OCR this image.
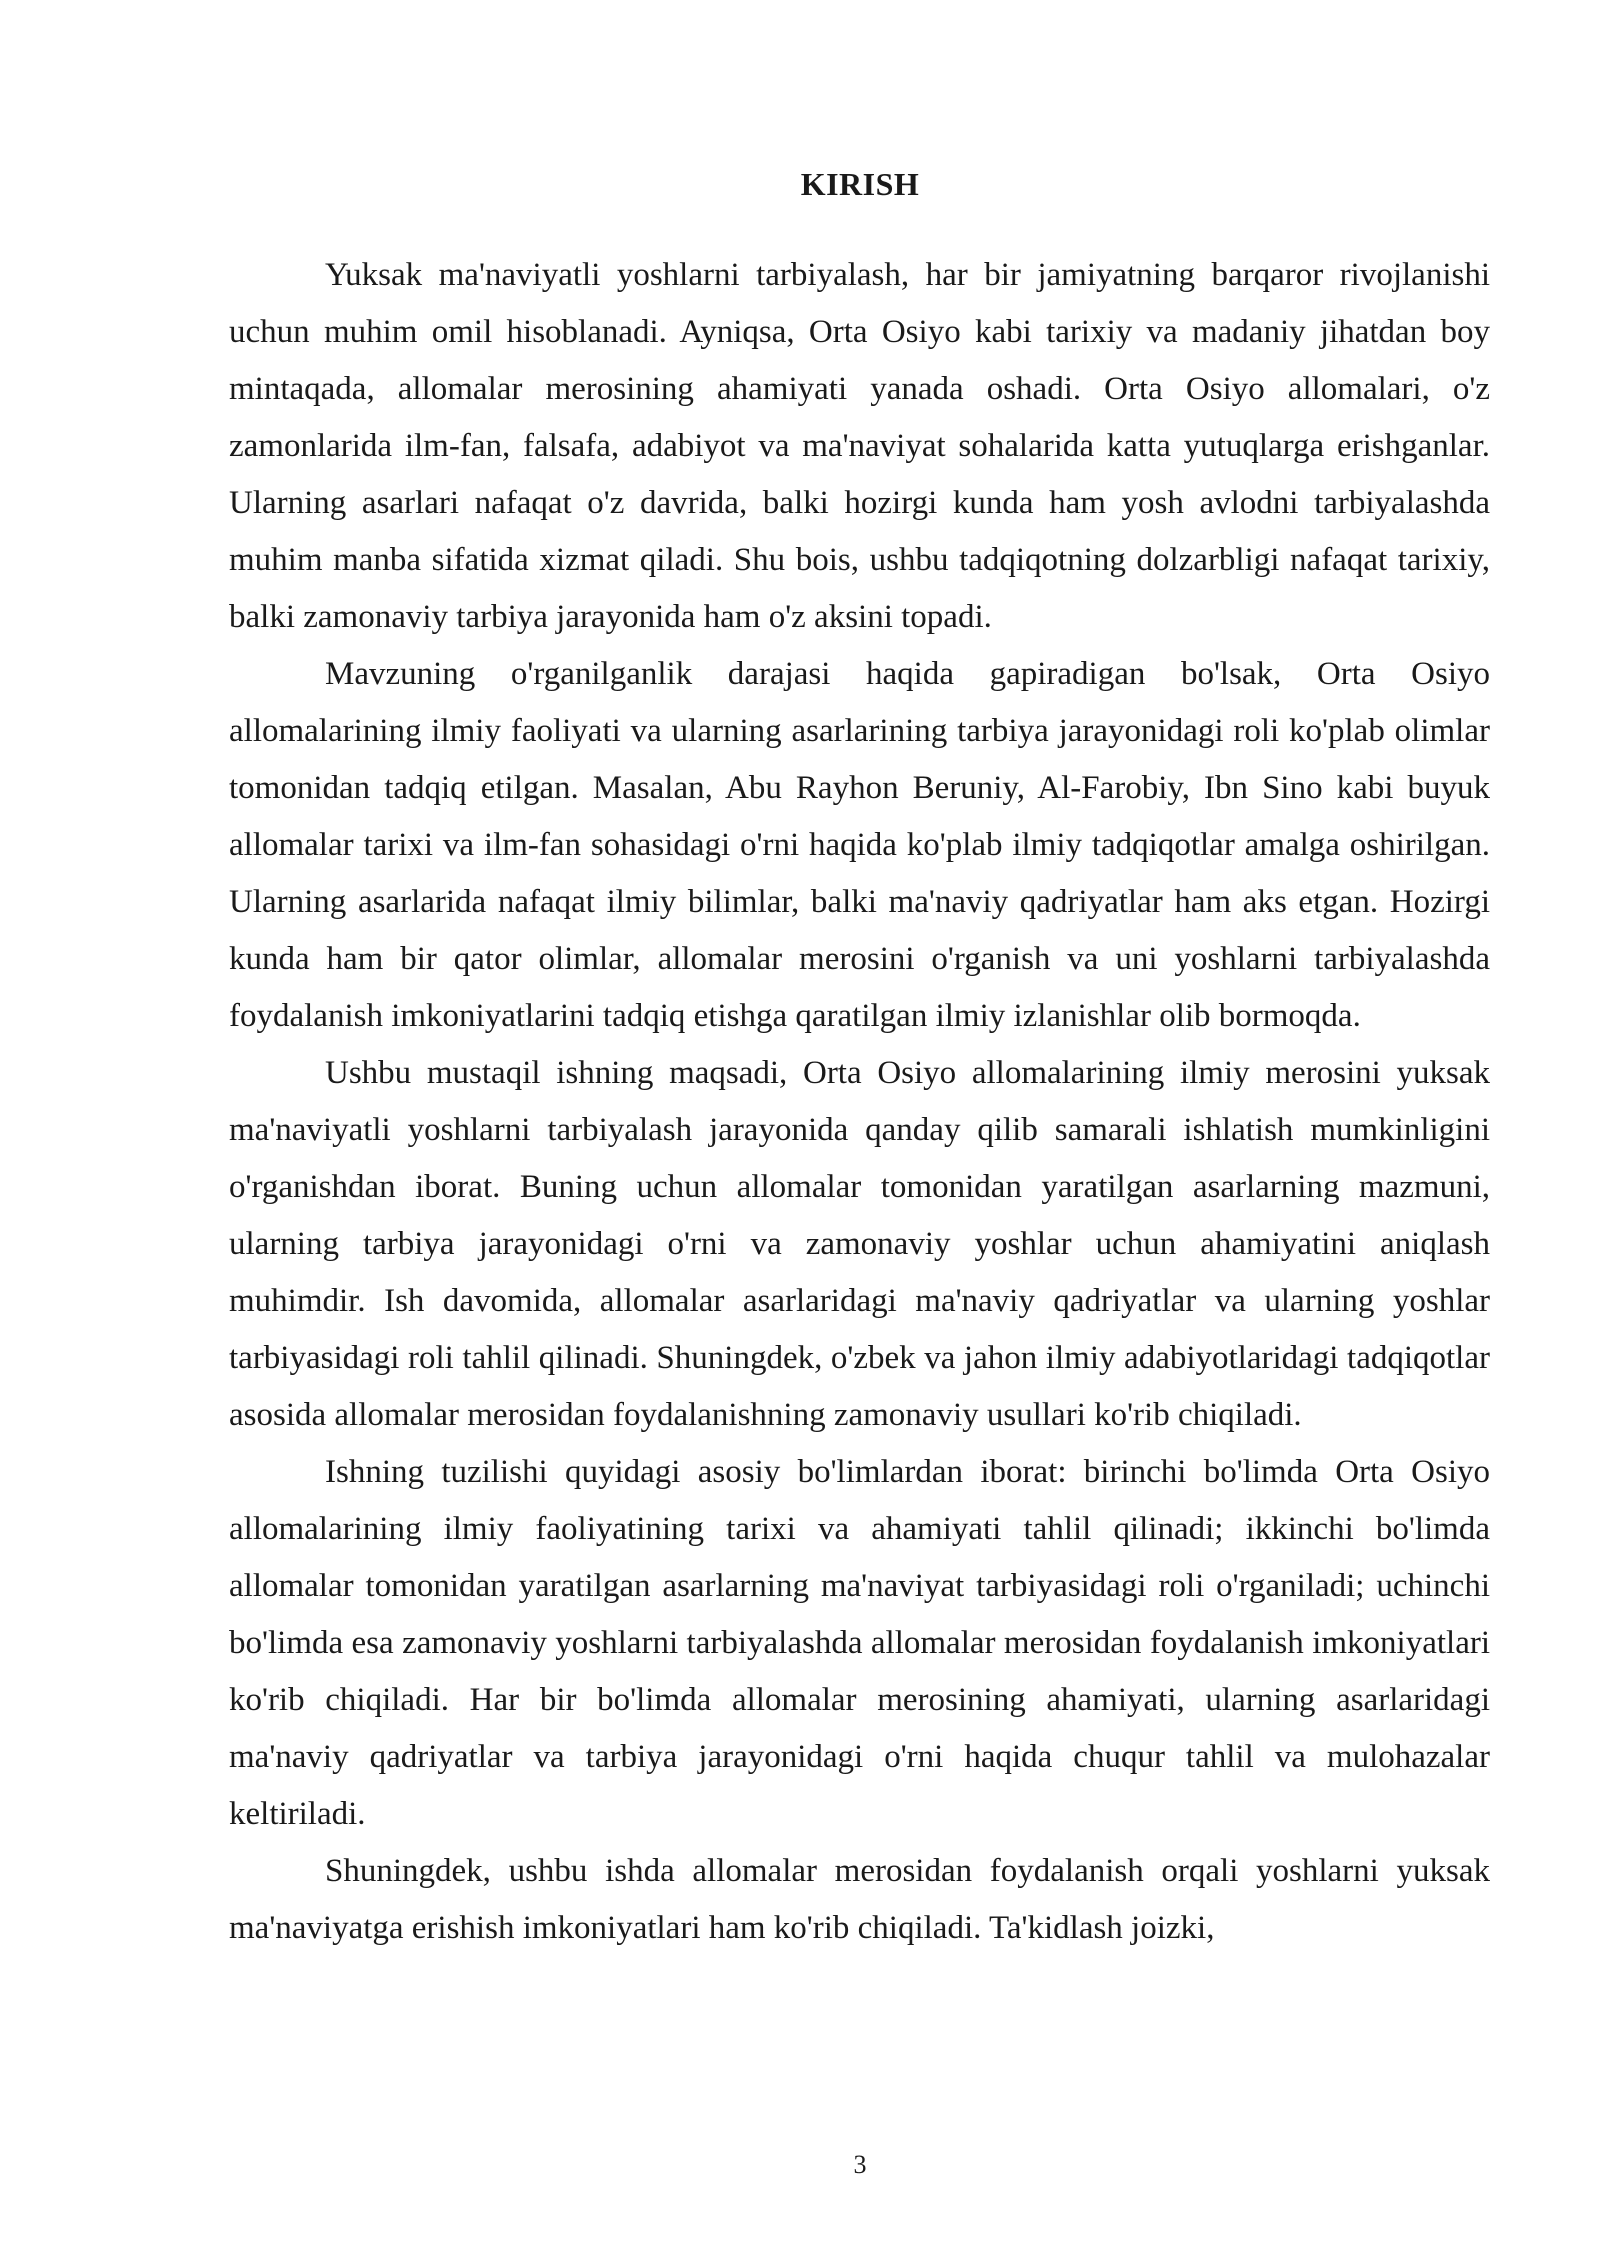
KIRISH

Yuksak ma'naviyatli yoshlarni tarbiyalash, har bir jamiyatning barqaror rivojlanishi uchun muhim omil hisoblanadi. Ayniqsa, Orta Osiyo kabi tarixiy va madaniy jihatdan boy mintaqada, allomalar merosining ahamiyati yanada oshadi. Orta Osiyo allomalari, o'z zamonlarida ilm-fan, falsafa, adabiyot va ma'naviyat sohalarida katta yutuqlarga erishganlar. Ularning asarlari nafaqat o'z davrida, balki hozirgi kunda ham yosh avlodni tarbiyalashda muhim manba sifatida xizmat qiladi. Shu bois, ushbu tadqiqotning dolzarbligi nafaqat tarixiy, balki zamonaviy tarbiya jarayonida ham o'z aksini topadi.

Mavzuning o'rganilganlik darajasi haqida gapiradigan bo'lsak, Orta Osiyo allomalarining ilmiy faoliyati va ularning asarlarining tarbiya jarayonidagi roli ko'plab olimlar tomonidan tadqiq etilgan. Masalan, Abu Rayhon Beruniy, Al-Farobiy, Ibn Sino kabi buyuk allomalar tarixi va ilm-fan sohasidagi o'rni haqida ko'plab ilmiy tadqiqotlar amalga oshirilgan. Ularning asarlarida nafaqat ilmiy bilimlar, balki ma'naviy qadriyatlar ham aks etgan. Hozirgi kunda ham bir qator olimlar, allomalar merosini o'rganish va uni yoshlarni tarbiyalashda foydalanish imkoniyatlarini tadqiq etishga qaratilgan ilmiy izlanishlar olib bormoqda.

Ushbu mustaqil ishning maqsadi, Orta Osiyo allomalarining ilmiy merosini yuksak ma'naviyatli yoshlarni tarbiyalash jarayonida qanday qilib samarali ishlatish mumkinligini o'rganishdan iborat. Buning uchun allomalar tomonidan yaratilgan asarlarning mazmuni, ularning tarbiya jarayonidagi o'rni va zamonaviy yoshlar uchun ahamiyatini aniqlash muhimdir. Ish davomida, allomalar asarlaridagi ma'naviy qadriyatlar va ularning yoshlar tarbiyasidagi roli tahlil qilinadi. Shuningdek, o'zbek va jahon ilmiy adabiyotlaridagi tadqiqotlar asosida allomalar merosidan foydalanishning zamonaviy usullari ko'rib chiqiladi.

Ishning tuzilishi quyidagi asosiy bo'limlardan iborat: birinchi bo'limda Orta Osiyo allomalarining ilmiy faoliyatining tarixi va ahamiyati tahlil qilinadi; ikkinchi bo'limda allomalar tomonidan yaratilgan asarlarning ma'naviyat tarbiyasidagi roli o'rganiladi; uchinchi bo'limda esa zamonaviy yoshlarni tarbiyalashda allomalar merosidan foydalanish imkoniyatlari ko'rib chiqiladi. Har bir bo'limda allomalar merosining ahamiyati, ularning asarlaridagi ma'naviy qadriyatlar va tarbiya jarayonidagi o'rni haqida chuqur tahlil va mulohazalar keltiriladi.

Shuningdek, ushbu ishda allomalar merosidan foydalanish orqali yoshlarni yuksak ma'naviyatga erishish imkoniyatlari ham ko'rib chiqiladi. Ta'kidlash joizki,

3
